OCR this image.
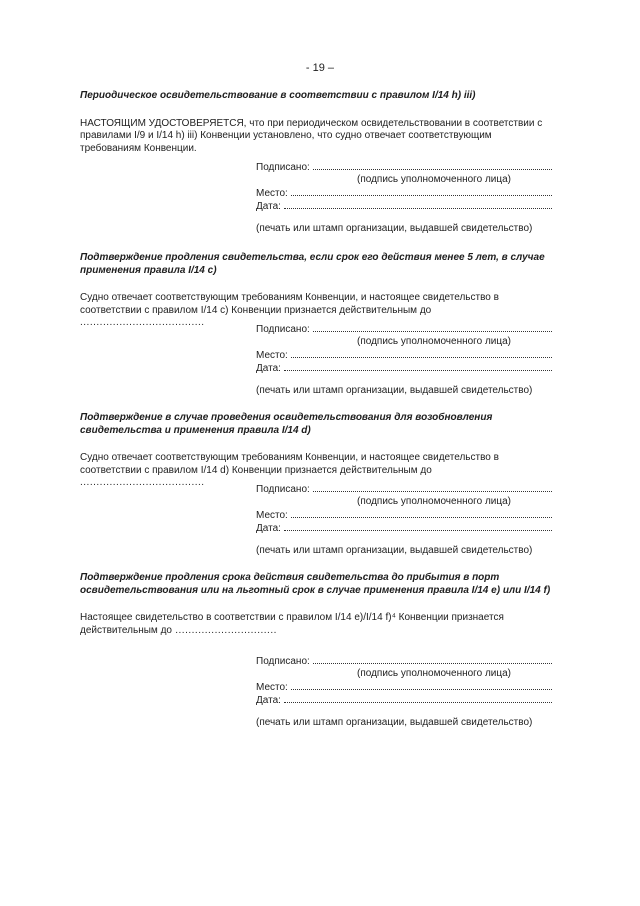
- 19 –

Периодическое освидетельствование в соответствии с правилом I/14 h) iii)

НАСТОЯЩИМ УДОСТОВЕРЯЕТСЯ, что при периодическом освидетельствовании в соответствии с правилами I/9 и I/14 h) iii) Конвенции установлено, что судно отвечает соответствующим требованиям Конвенции.

Подписано:
(подпись уполномоченного лица)
Место:
Дата:
(печать или штамп организации, выдавшей свидетельство)

Подтверждение продления свидетельства, если срок его действия менее 5 лет, в случае применения правила I/14 c)

Судно отвечает соответствующим требованиям Конвенции, и настоящее свидетельство в соответствии с правилом I/14 c) Конвенции признается действительным до ......................................

Подписано:
(подпись уполномоченного лица)
Место:
Дата:
(печать или штамп организации, выдавшей свидетельство)

Подтверждение в случае проведения освидетельствования для возобновления свидетельства и применения правила I/14 d)

Судно отвечает соответствующим требованиям Конвенции, и настоящее свидетельство в соответствии с правилом I/14 d) Конвенции признается действительным до ......................................

Подписано:
(подпись уполномоченного лица)
Место:
Дата:
(печать или штамп организации, выдавшей свидетельство)

Подтверждение продления срока действия свидетельства до прибытия в порт освидетельствования или на льготный срок в случае применения правила I/14 e) или I/14 f)

Настоящее свидетельство в соответствии с правилом I/14 e)/I/14 f)⁴ Конвенции признается действительным до ...............................

Подписано:
(подпись уполномоченного лица)
Место:
Дата:
(печать или штамп организации, выдавшей свидетельство)
